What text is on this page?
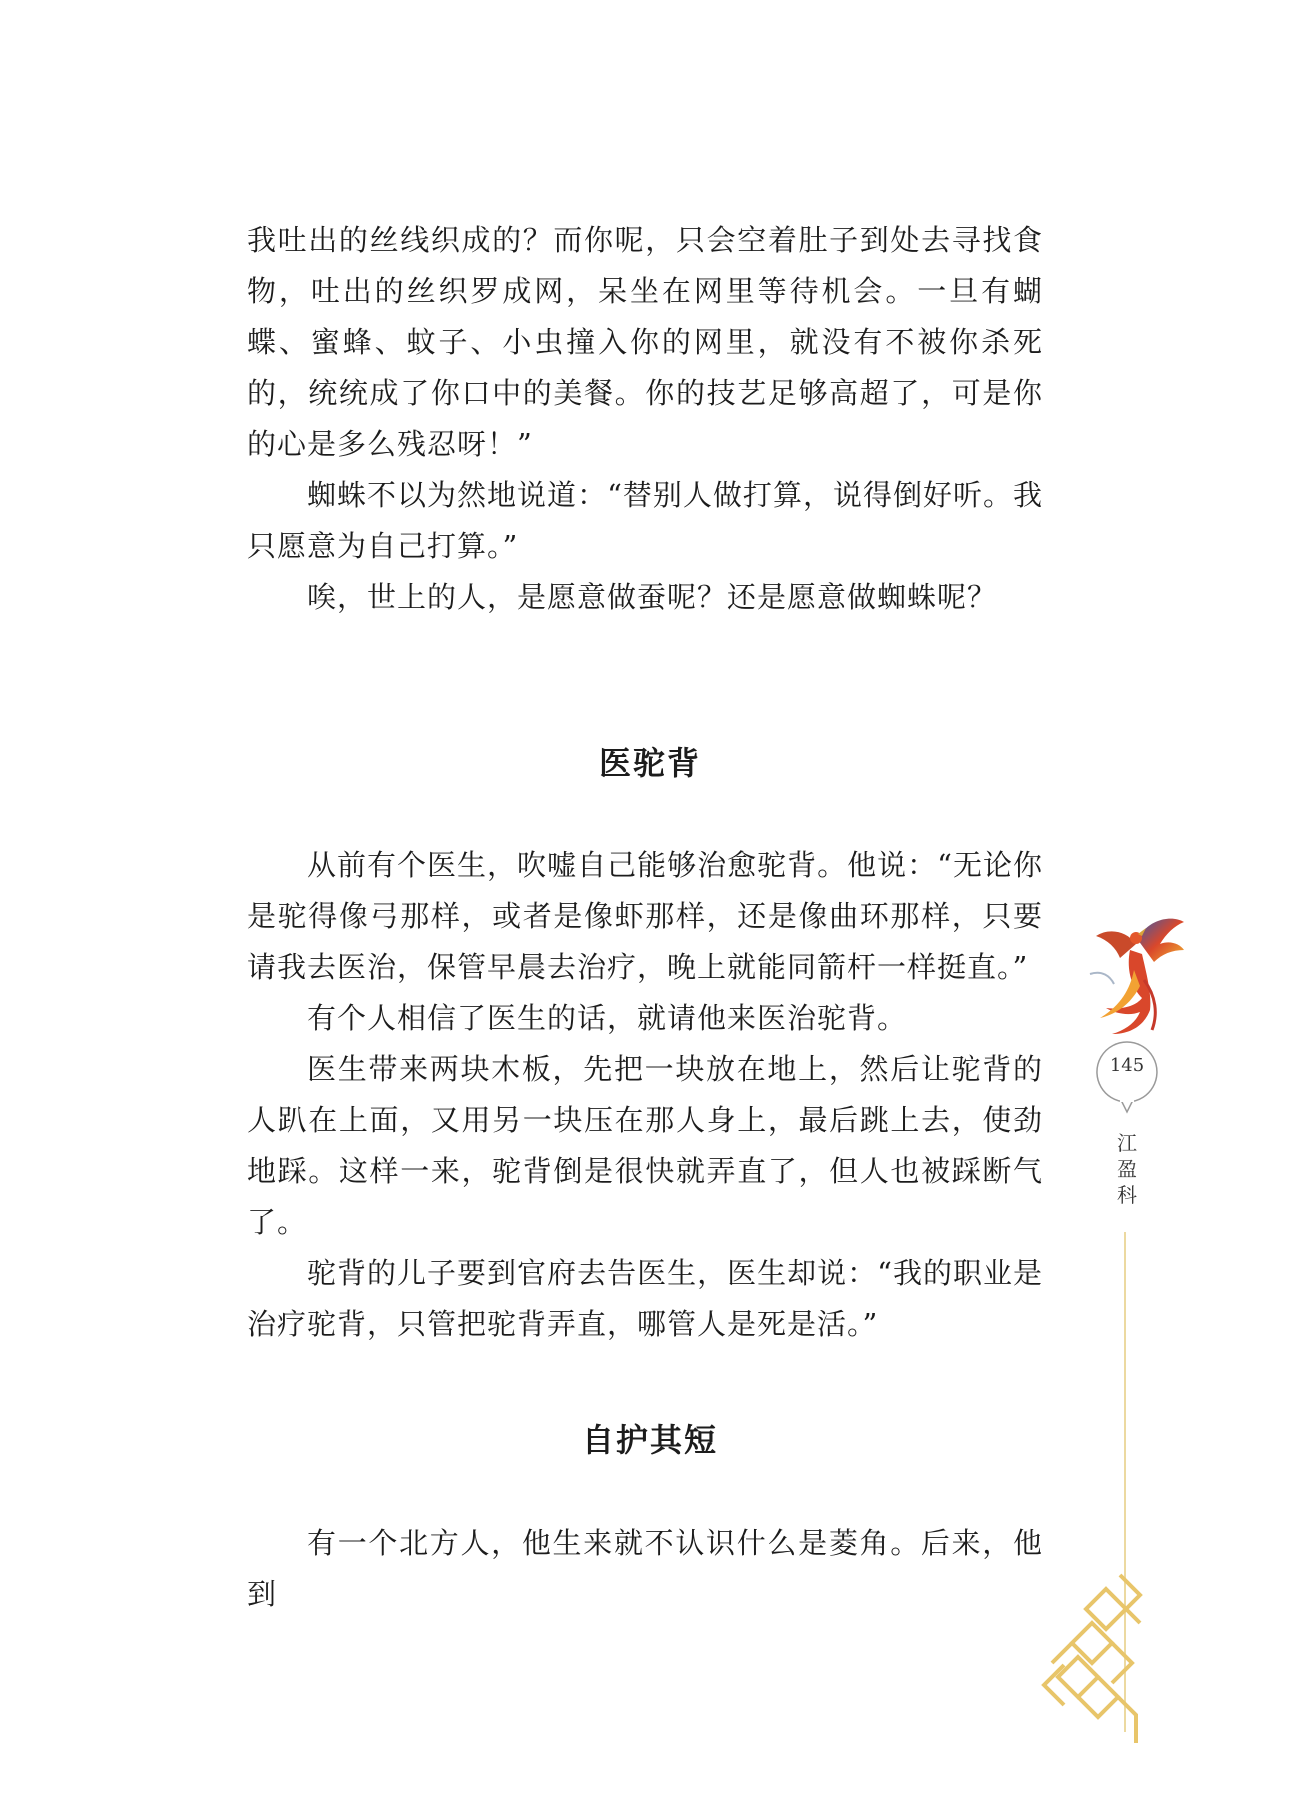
我吐出的丝线织成的？而你呢，只会空着肚子到处去寻找食物，吐出的丝织罗成网，呆坐在网里等待机会。一旦有蝴蝶、蜜蜂、蚊子、小虫撞入你的网里，就没有不被你杀死的，统统成了你口中的美餐。你的技艺足够高超了，可是你的心是多么残忍呀！”

蜘蛛不以为然地说道：“替别人做打算，说得倒好听。我只愿意为自己打算。”

唉，世上的人，是愿意做蚕呢？还是愿意做蜘蛛呢？

医驼背

从前有个医生，吹嘘自己能够治愈驼背。他说：“无论你是驼得像弓那样，或者是像虾那样，还是像曲环那样，只要请我去医治，保管早晨去治疗，晚上就能同箭杆一样挺直。”

有个人相信了医生的话，就请他来医治驼背。

医生带来两块木板，先把一块放在地上，然后让驼背的人趴在上面，又用另一块压在那人身上，最后跳上去，使劲地踩。这样一来，驼背倒是很快就弄直了，但人也被踩断气了。

驼背的儿子要到官府去告医生，医生却说：“我的职业是治疗驼背，只管把驼背弄直，哪管人是死是活。”

自护其短

有一个北方人，他生来就不认识什么是菱角。后来，他到

145
江盈科
